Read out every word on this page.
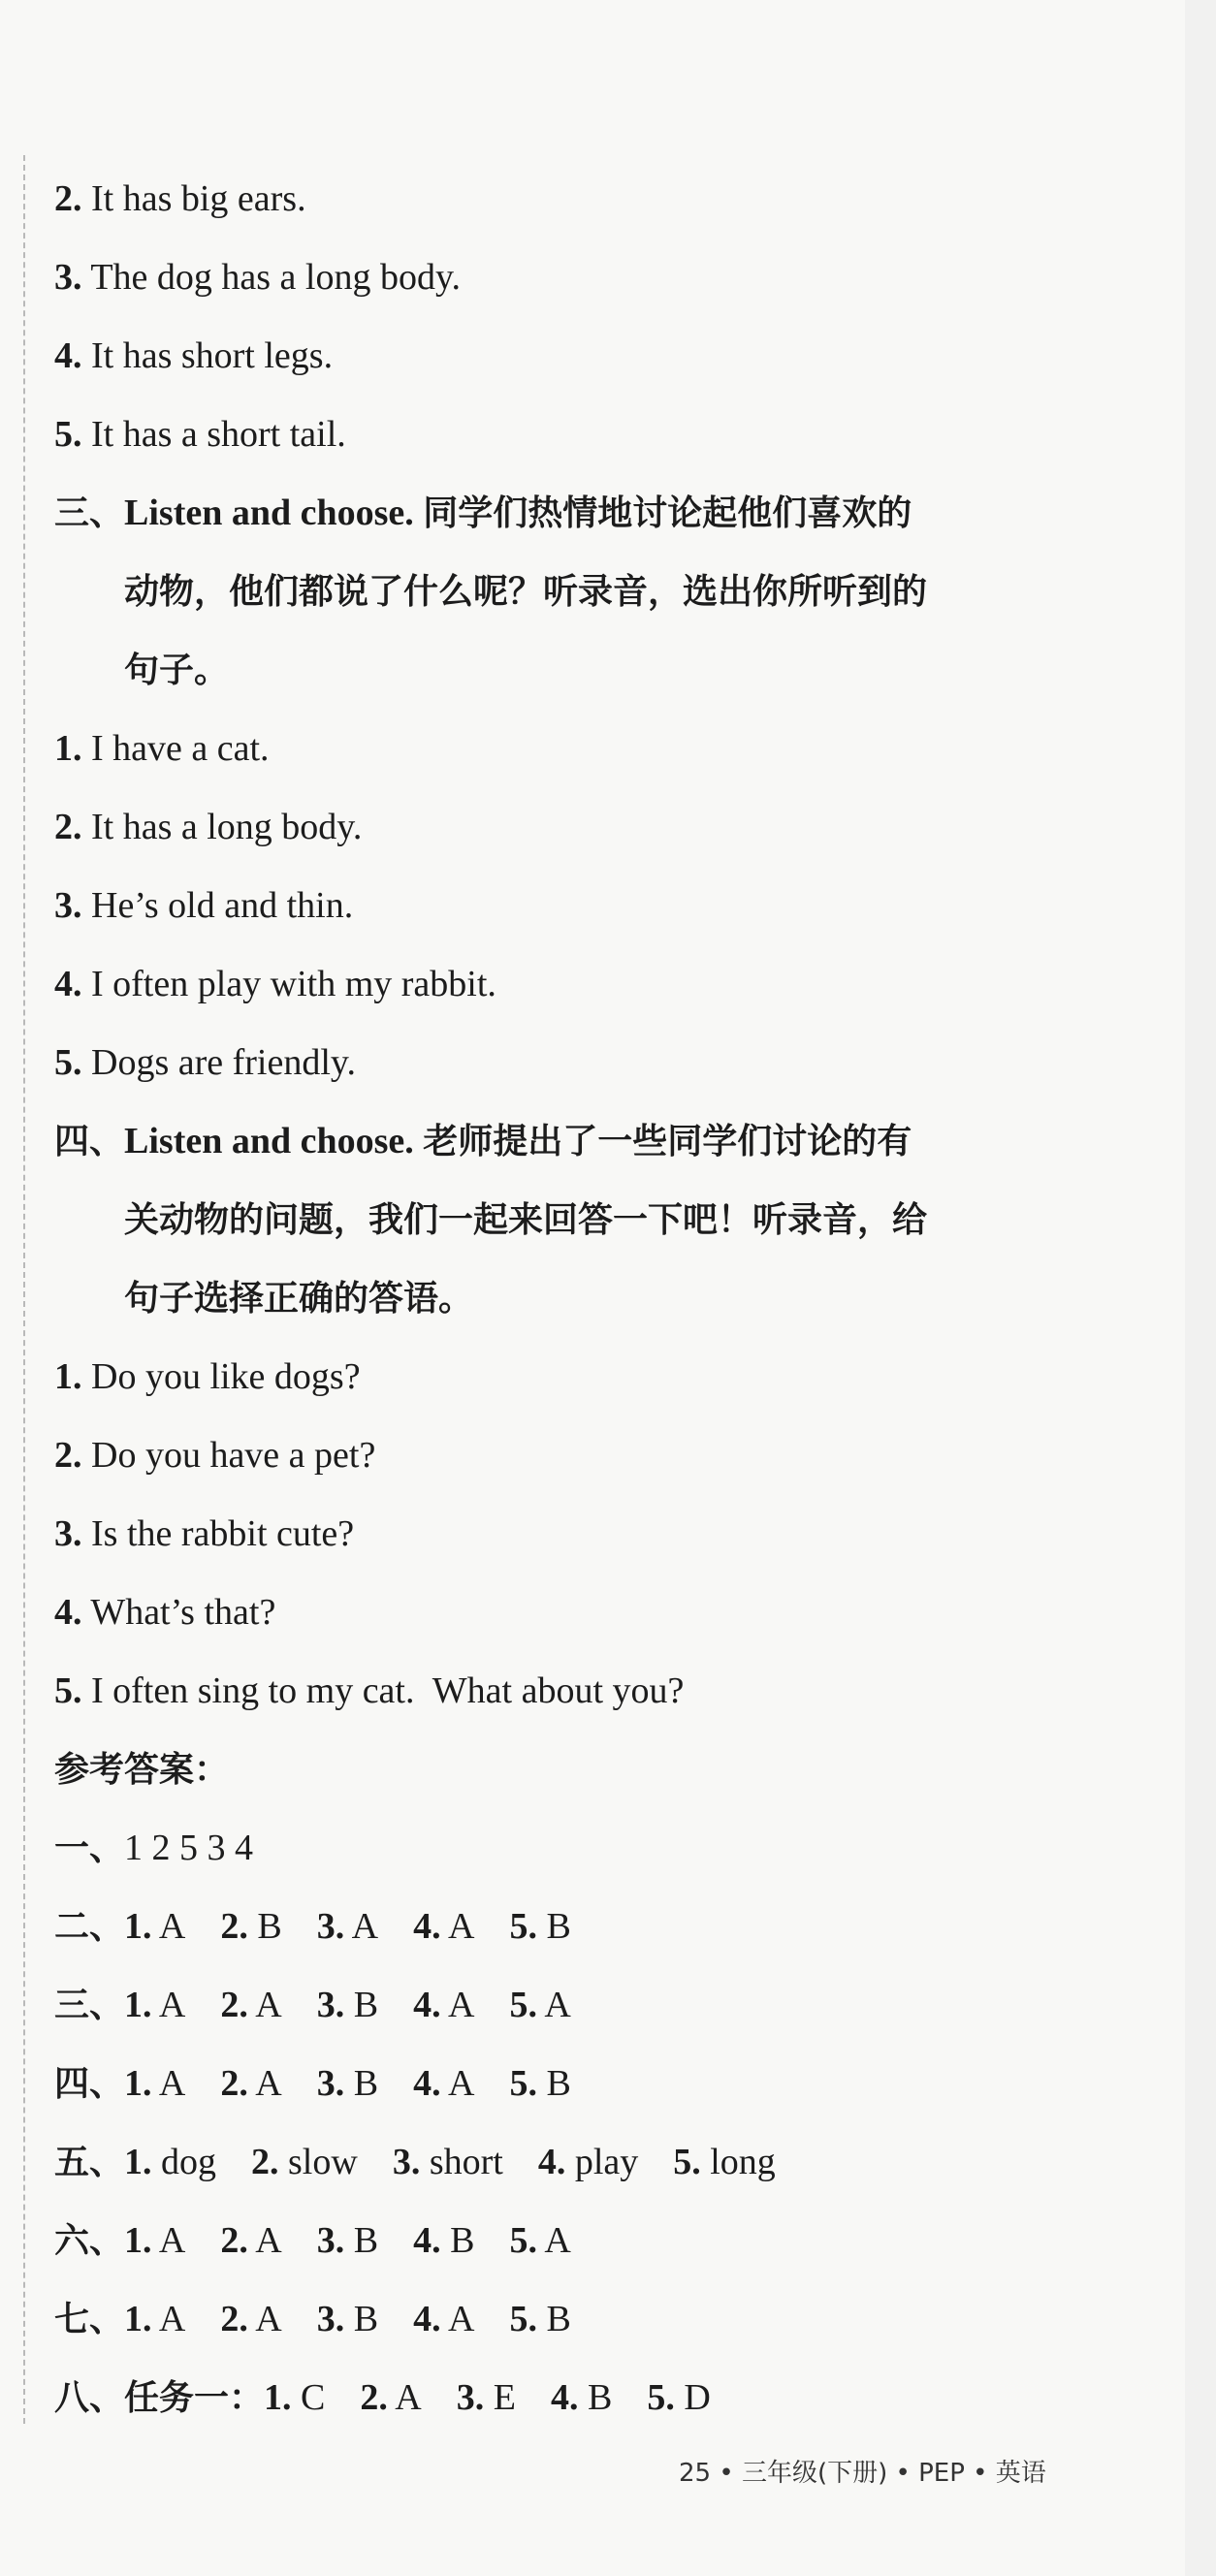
2. It has big ears.
3. The dog has a long body.
4. It has short legs.
5. It has a short tail.
三、Listen and choose. 同学们热情地讨论起他们喜欢的
动物，他们都说了什么呢？听录音，选出你所听到的
句子。
1. I have a cat.
2. It has a long body.
3. He’s old and thin.
4. I often play with my rabbit.
5. Dogs are friendly.
四、Listen and choose. 老师提出了一些同学们讨论的有
关动物的问题，我们一起来回答一下吧！听录音，给
句子选择正确的答语。
1. Do you like dogs?
2. Do you have a pet?
3. Is the rabbit cute?
4. What’s that?
5. I often sing to my cat.  What about you?
参考答案：
一、1 2 5 3 4
二、1. A 2. B 3. A 4. A 5. B
三、1. A 2. A 3. B 4. A 5. A
四、1. A 2. A 3. B 4. A 5. B
五、1. dog 2. slow 3. short 4. play 5. long
六、1. A 2. A 3. B 4. B 5. A
七、1. A 2. A 3. B 4. A 5. B
八、任务一：1. C 2. A 3. E 4. B 5. D
25 • 三年级(下册) • PEP • 英语
